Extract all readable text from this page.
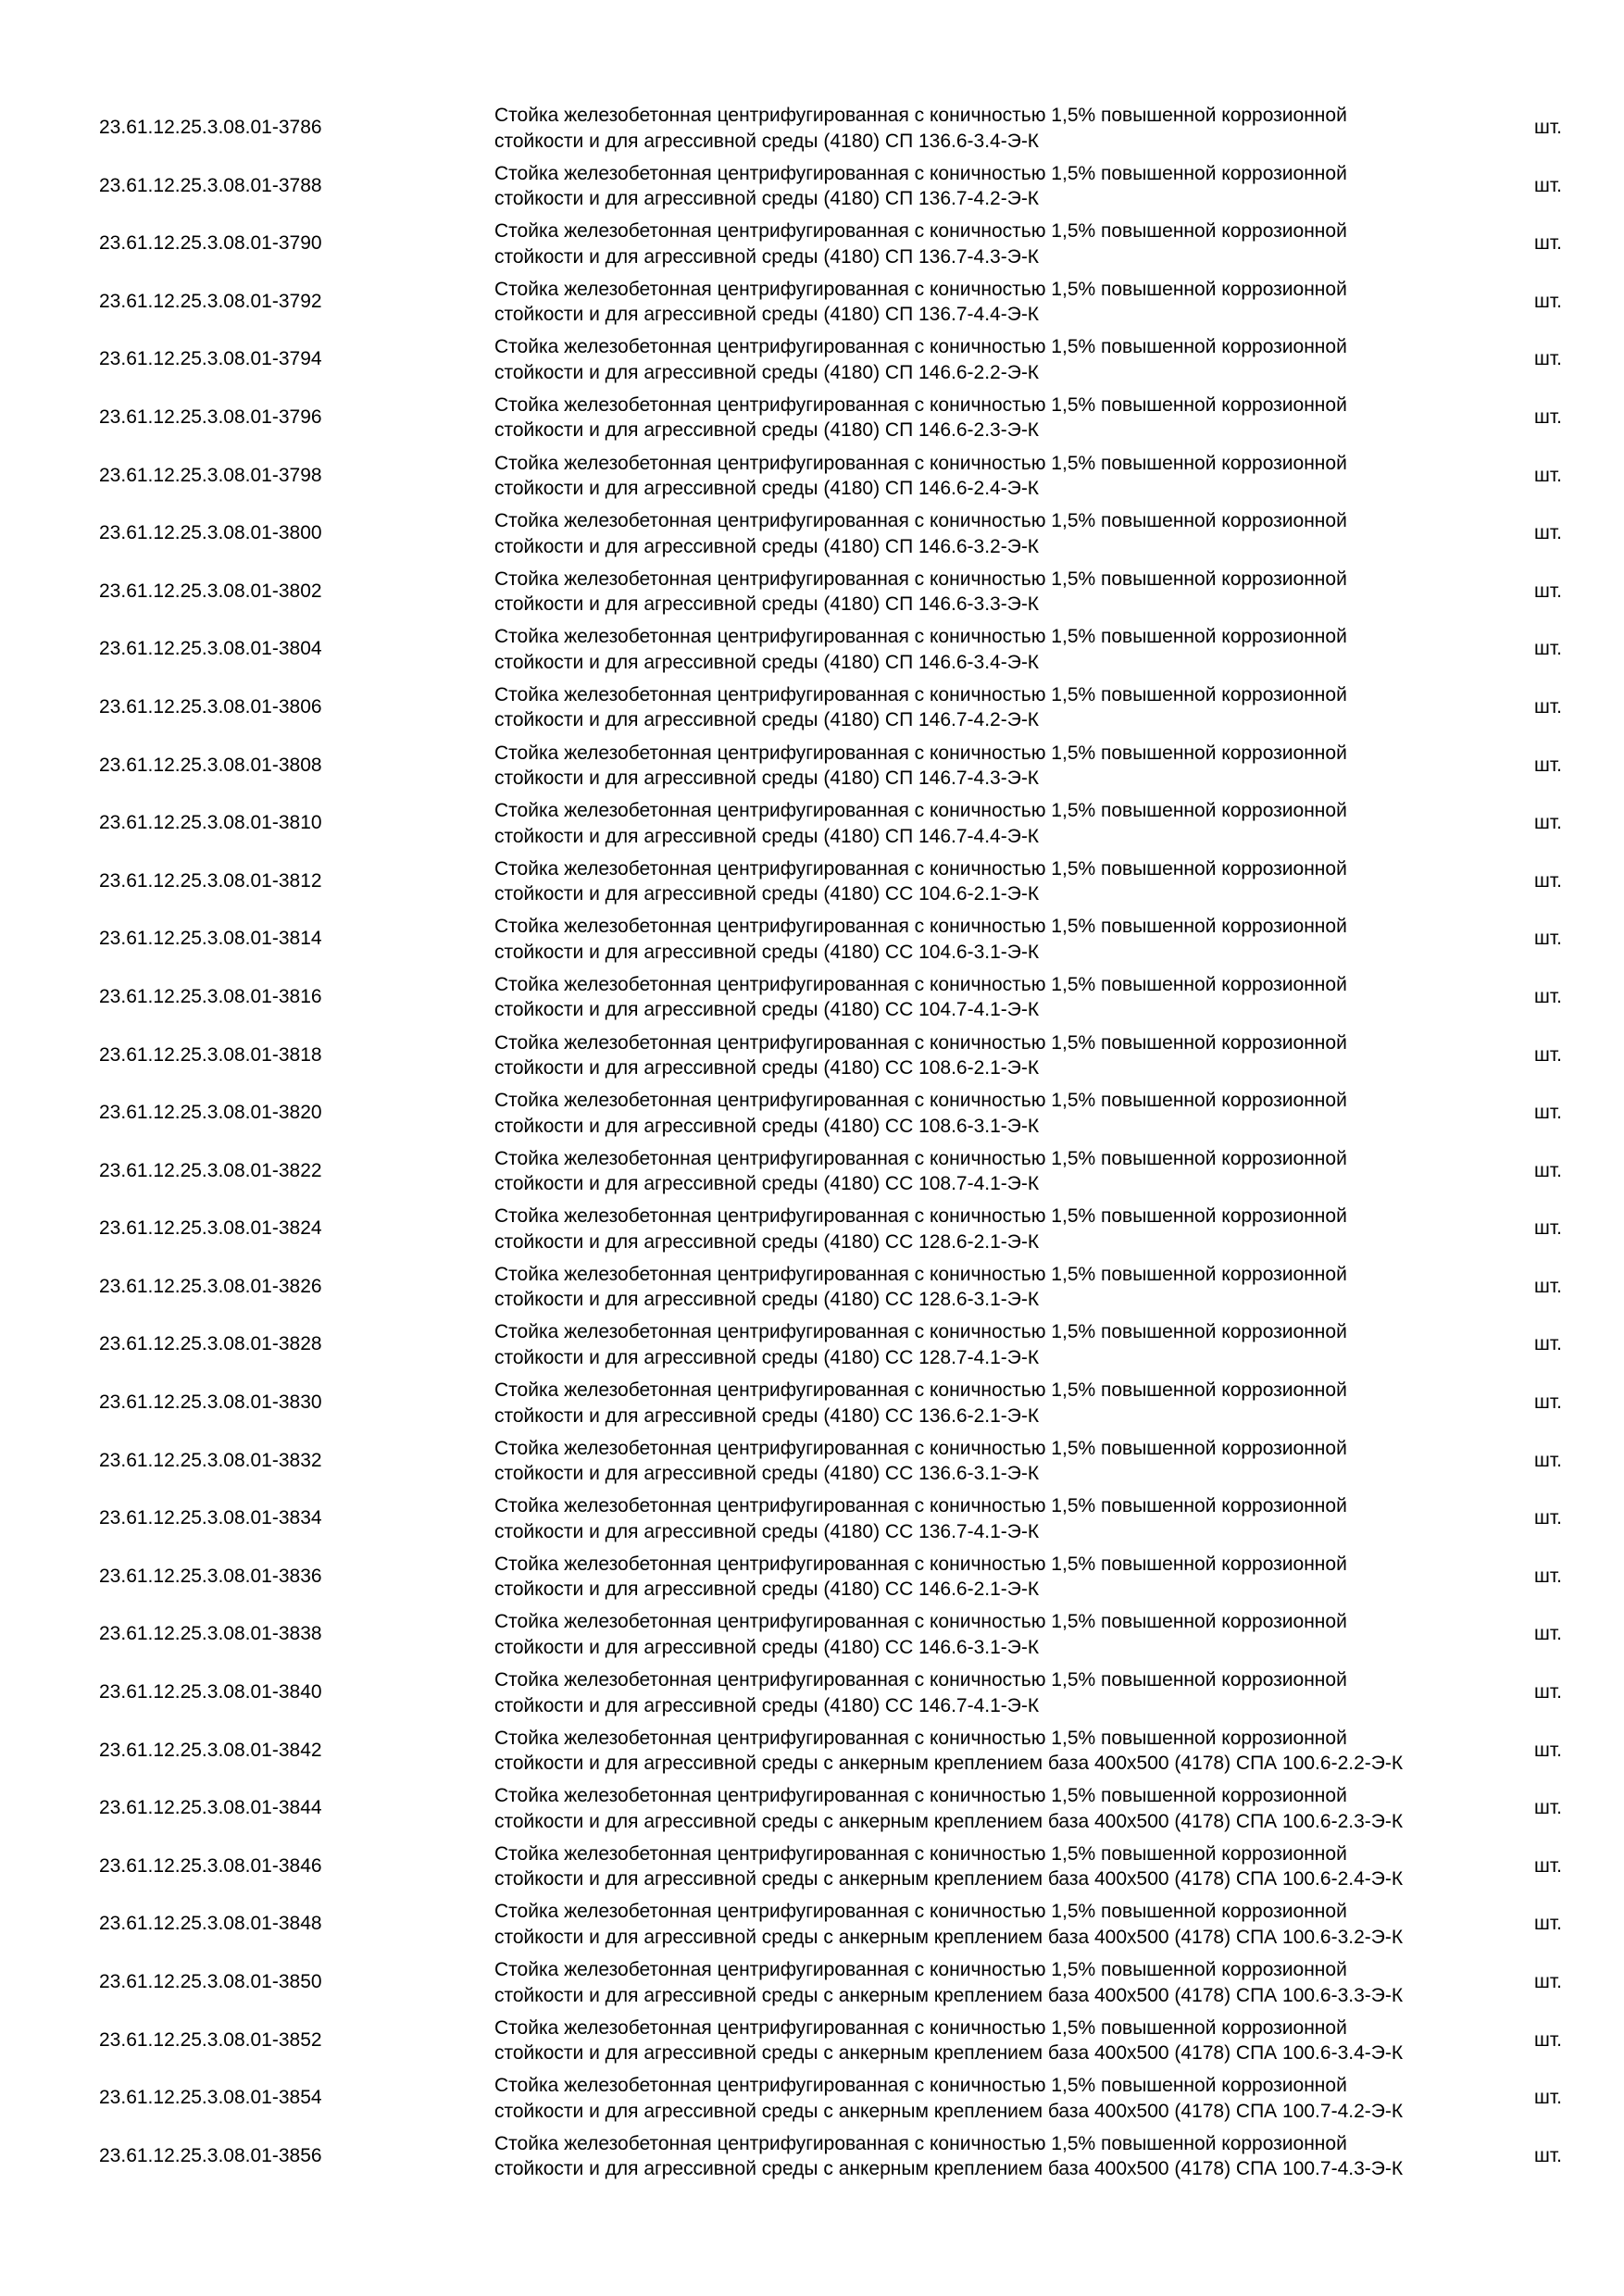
23.61.12.25.3.08.01-3786
Стойка железобетонная центрифугированная с коничностью 1,5% повышенной коррозионной
стойкости и для агрессивной среды (4180) СП 136.6-3.4-Э-К
шт.
23.61.12.25.3.08.01-3788
Стойка железобетонная центрифугированная с коничностью 1,5% повышенной коррозионной
стойкости и для агрессивной среды (4180) СП 136.7-4.2-Э-К
шт.
23.61.12.25.3.08.01-3790
Стойка железобетонная центрифугированная с коничностью 1,5% повышенной коррозионной
стойкости и для агрессивной среды (4180) СП 136.7-4.3-Э-К
шт.
23.61.12.25.3.08.01-3792
Стойка железобетонная центрифугированная с коничностью 1,5% повышенной коррозионной
стойкости и для агрессивной среды (4180) СП 136.7-4.4-Э-К
шт.
23.61.12.25.3.08.01-3794
Стойка железобетонная центрифугированная с коничностью 1,5% повышенной коррозионной
стойкости и для агрессивной среды (4180) СП 146.6-2.2-Э-К
шт.
23.61.12.25.3.08.01-3796
Стойка железобетонная центрифугированная с коничностью 1,5% повышенной коррозионной
стойкости и для агрессивной среды (4180) СП 146.6-2.3-Э-К
шт.
23.61.12.25.3.08.01-3798
Стойка железобетонная центрифугированная с коничностью 1,5% повышенной коррозионной
стойкости и для агрессивной среды (4180) СП 146.6-2.4-Э-К
шт.
23.61.12.25.3.08.01-3800
Стойка железобетонная центрифугированная с коничностью 1,5% повышенной коррозионной
стойкости и для агрессивной среды (4180) СП 146.6-3.2-Э-К
шт.
23.61.12.25.3.08.01-3802
Стойка железобетонная центрифугированная с коничностью 1,5% повышенной коррозионной
стойкости и для агрессивной среды (4180) СП 146.6-3.3-Э-К
шт.
23.61.12.25.3.08.01-3804
Стойка железобетонная центрифугированная с коничностью 1,5% повышенной коррозионной
стойкости и для агрессивной среды (4180) СП 146.6-3.4-Э-К
шт.
23.61.12.25.3.08.01-3806
Стойка железобетонная центрифугированная с коничностью 1,5% повышенной коррозионной
стойкости и для агрессивной среды (4180) СП 146.7-4.2-Э-К
шт.
23.61.12.25.3.08.01-3808
Стойка железобетонная центрифугированная с коничностью 1,5% повышенной коррозионной
стойкости и для агрессивной среды (4180) СП 146.7-4.3-Э-К
шт.
23.61.12.25.3.08.01-3810
Стойка железобетонная центрифугированная с коничностью 1,5% повышенной коррозионной
стойкости и для агрессивной среды (4180) СП 146.7-4.4-Э-К
шт.
23.61.12.25.3.08.01-3812
Стойка железобетонная центрифугированная с коничностью 1,5% повышенной коррозионной
стойкости и для агрессивной среды (4180) СС 104.6-2.1-Э-К
шт.
23.61.12.25.3.08.01-3814
Стойка железобетонная центрифугированная с коничностью 1,5% повышенной коррозионной
стойкости и для агрессивной среды (4180) СС 104.6-3.1-Э-К
шт.
23.61.12.25.3.08.01-3816
Стойка железобетонная центрифугированная с коничностью 1,5% повышенной коррозионной
стойкости и для агрессивной среды (4180) СС 104.7-4.1-Э-К
шт.
23.61.12.25.3.08.01-3818
Стойка железобетонная центрифугированная с коничностью 1,5% повышенной коррозионной
стойкости и для агрессивной среды (4180) СС 108.6-2.1-Э-К
шт.
23.61.12.25.3.08.01-3820
Стойка железобетонная центрифугированная с коничностью 1,5% повышенной коррозионной
стойкости и для агрессивной среды (4180) СС 108.6-3.1-Э-К
шт.
23.61.12.25.3.08.01-3822
Стойка железобетонная центрифугированная с коничностью 1,5% повышенной коррозионной
стойкости и для агрессивной среды (4180) СС 108.7-4.1-Э-К
шт.
23.61.12.25.3.08.01-3824
Стойка железобетонная центрифугированная с коничностью 1,5% повышенной коррозионной
стойкости и для агрессивной среды (4180) СС 128.6-2.1-Э-К
шт.
23.61.12.25.3.08.01-3826
Стойка железобетонная центрифугированная с коничностью 1,5% повышенной коррозионной
стойкости и для агрессивной среды (4180) СС 128.6-3.1-Э-К
шт.
23.61.12.25.3.08.01-3828
Стойка железобетонная центрифугированная с коничностью 1,5% повышенной коррозионной
стойкости и для агрессивной среды (4180) СС 128.7-4.1-Э-К
шт.
23.61.12.25.3.08.01-3830
Стойка железобетонная центрифугированная с коничностью 1,5% повышенной коррозионной
стойкости и для агрессивной среды (4180) СС 136.6-2.1-Э-К
шт.
23.61.12.25.3.08.01-3832
Стойка железобетонная центрифугированная с коничностью 1,5% повышенной коррозионной
стойкости и для агрессивной среды (4180) СС 136.6-3.1-Э-К
шт.
23.61.12.25.3.08.01-3834
Стойка железобетонная центрифугированная с коничностью 1,5% повышенной коррозионной
стойкости и для агрессивной среды (4180) СС 136.7-4.1-Э-К
шт.
23.61.12.25.3.08.01-3836
Стойка железобетонная центрифугированная с коничностью 1,5% повышенной коррозионной
стойкости и для агрессивной среды (4180) СС 146.6-2.1-Э-К
шт.
23.61.12.25.3.08.01-3838
Стойка железобетонная центрифугированная с коничностью 1,5% повышенной коррозионной
стойкости и для агрессивной среды (4180) СС 146.6-3.1-Э-К
шт.
23.61.12.25.3.08.01-3840
Стойка железобетонная центрифугированная с коничностью 1,5% повышенной коррозионной
стойкости и для агрессивной среды (4180) СС 146.7-4.1-Э-К
шт.
23.61.12.25.3.08.01-3842
Стойка железобетонная центрифугированная с коничностью 1,5% повышенной коррозионной
стойкости и для агрессивной среды с анкерным креплением база 400х500 (4178) СПА 100.6-2.2-Э-К
шт.
23.61.12.25.3.08.01-3844
Стойка железобетонная центрифугированная с коничностью 1,5% повышенной коррозионной
стойкости и для агрессивной среды с анкерным креплением база 400х500 (4178) СПА 100.6-2.3-Э-К
шт.
23.61.12.25.3.08.01-3846
Стойка железобетонная центрифугированная с коничностью 1,5% повышенной коррозионной
стойкости и для агрессивной среды с анкерным креплением база 400х500 (4178) СПА 100.6-2.4-Э-К
шт.
23.61.12.25.3.08.01-3848
Стойка железобетонная центрифугированная с коничностью 1,5% повышенной коррозионной
стойкости и для агрессивной среды с анкерным креплением база 400х500 (4178) СПА 100.6-3.2-Э-К
шт.
23.61.12.25.3.08.01-3850
Стойка железобетонная центрифугированная с коничностью 1,5% повышенной коррозионной
стойкости и для агрессивной среды с анкерным креплением база 400х500 (4178) СПА 100.6-3.3-Э-К
шт.
23.61.12.25.3.08.01-3852
Стойка железобетонная центрифугированная с коничностью 1,5% повышенной коррозионной
стойкости и для агрессивной среды с анкерным креплением база 400х500 (4178) СПА 100.6-3.4-Э-К
шт.
23.61.12.25.3.08.01-3854
Стойка железобетонная центрифугированная с коничностью 1,5% повышенной коррозионной
стойкости и для агрессивной среды с анкерным креплением база 400х500 (4178) СПА 100.7-4.2-Э-К
шт.
23.61.12.25.3.08.01-3856
Стойка железобетонная центрифугированная с коничностью 1,5% повышенной коррозионной
стойкости и для агрессивной среды с анкерным креплением база 400х500 (4178) СПА 100.7-4.3-Э-К
шт.
